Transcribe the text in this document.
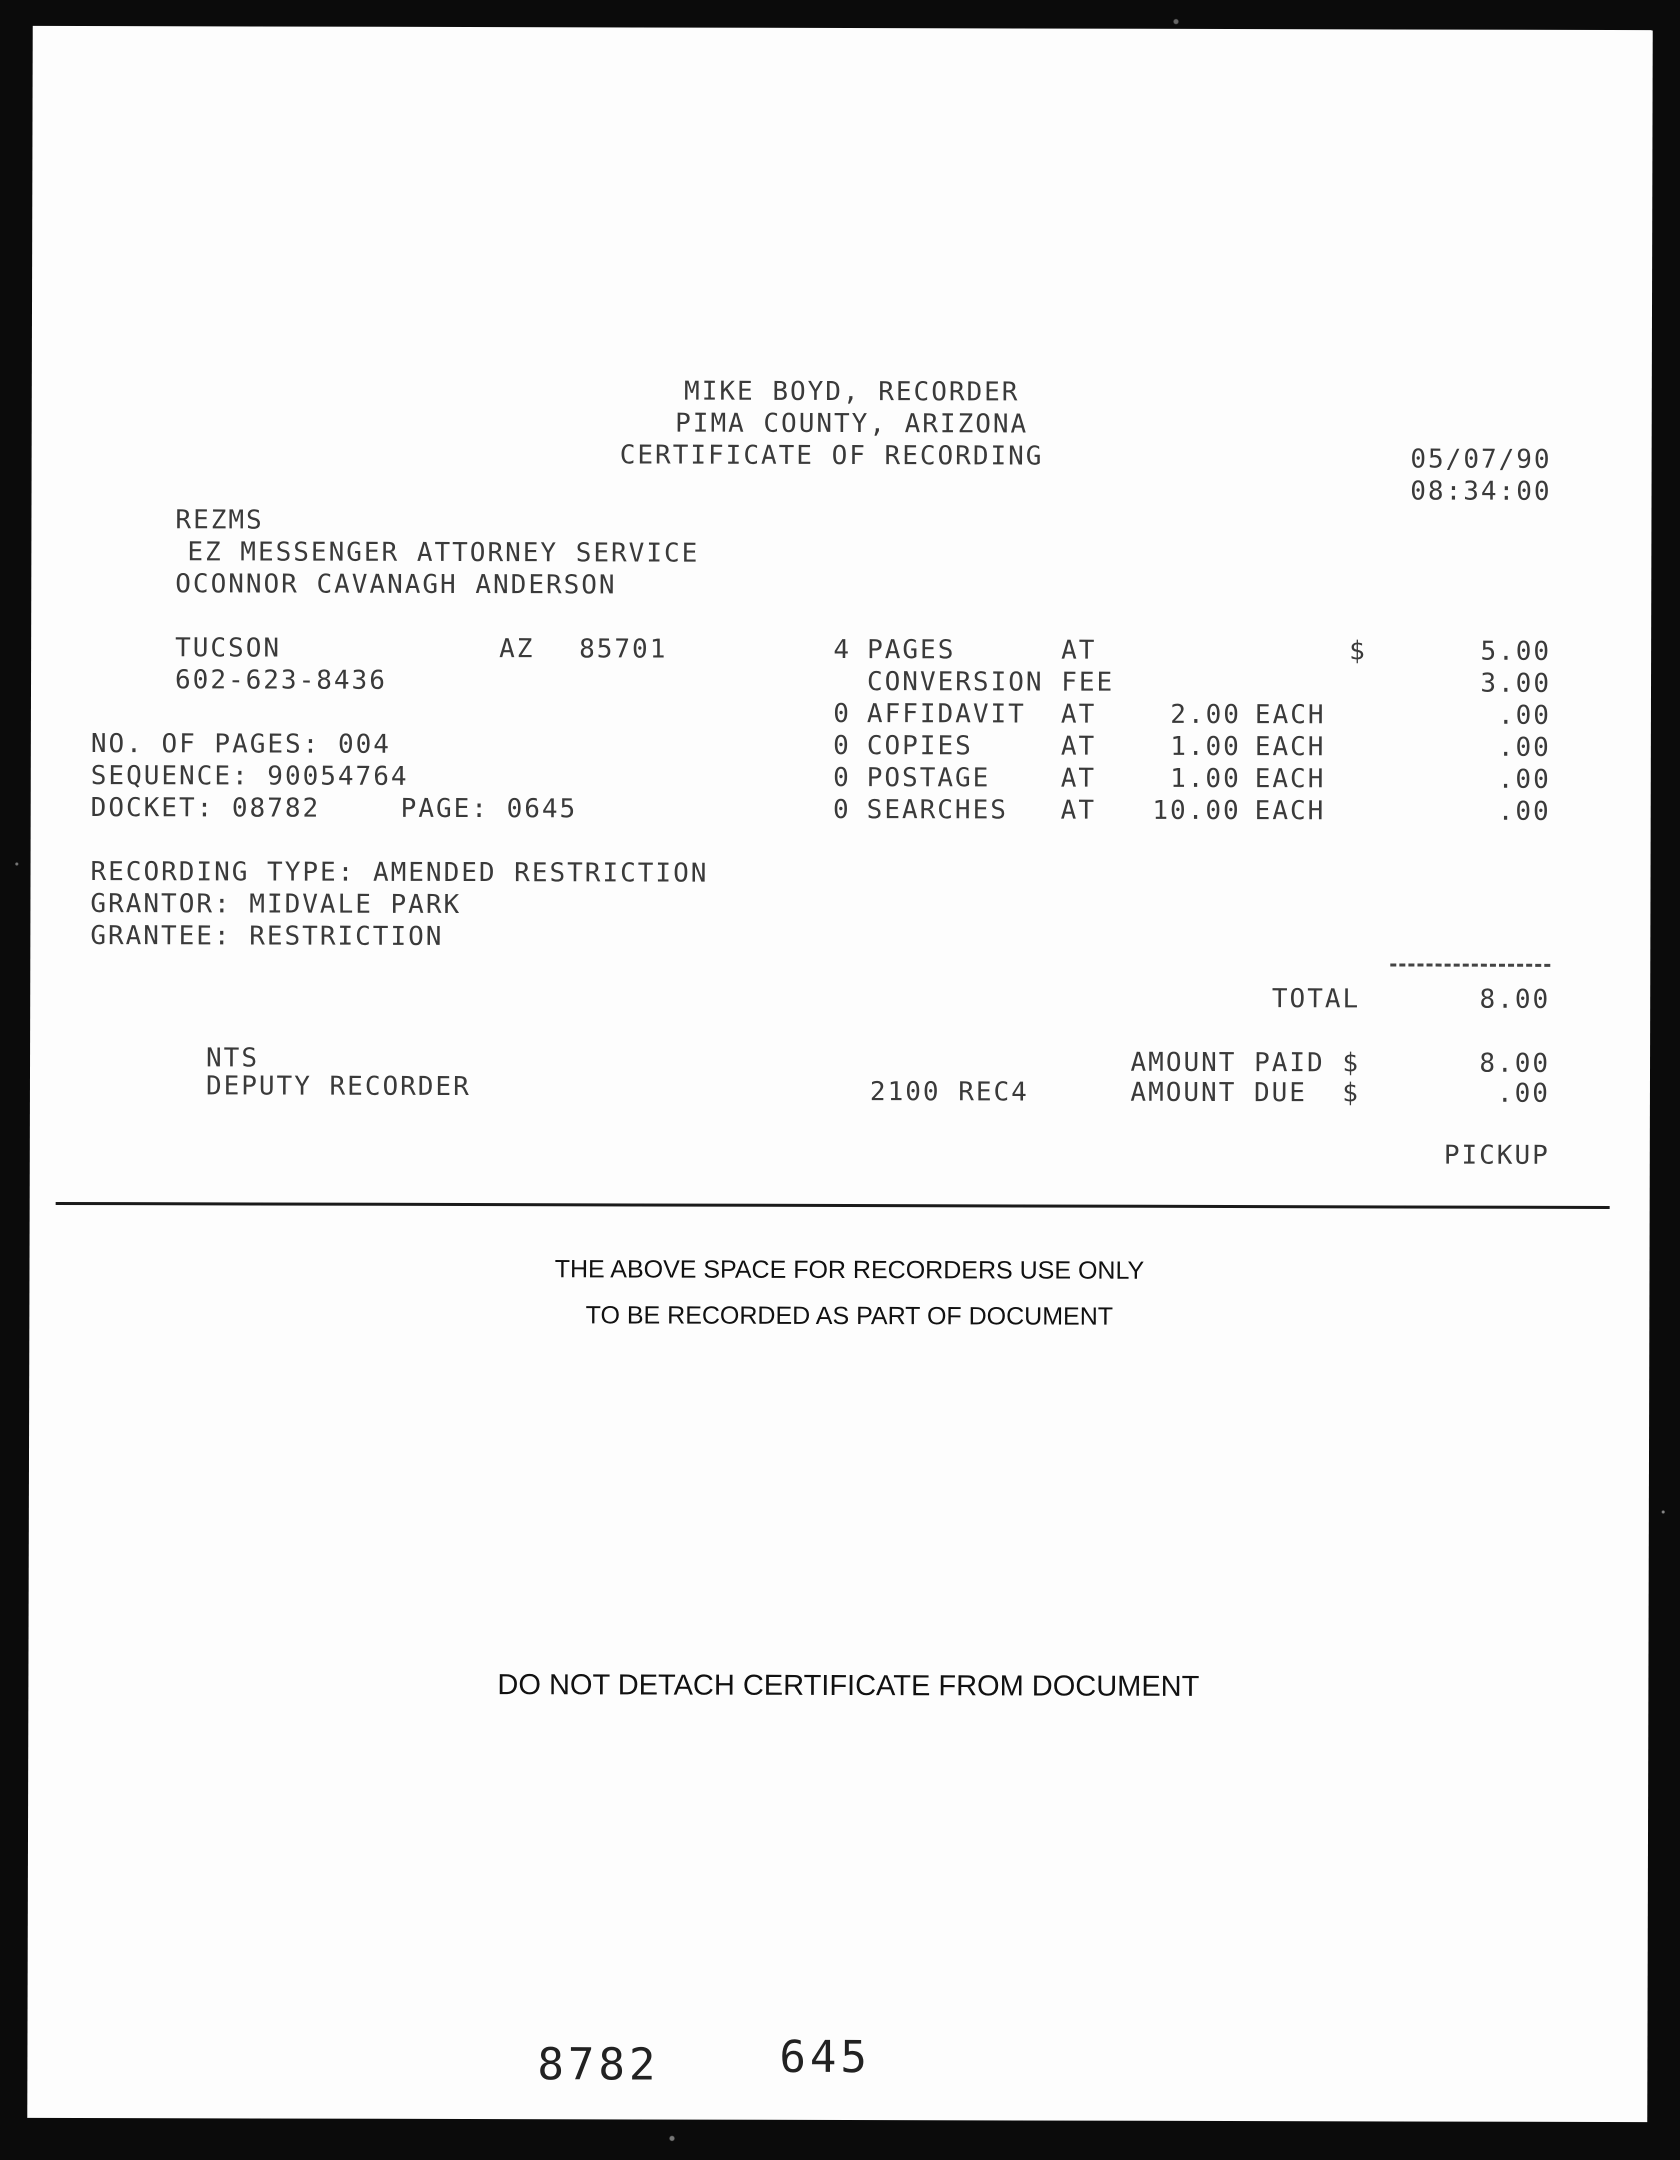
MIKE BOYD, RECORDER
PIMA COUNTY, ARIZONA
CERTIFICATE OF RECORDING	05/07/90
08:34:00
REZMS
EZ MESSENGER ATTORNEY SERVICE
OCONNOR CAVANAGH ANDERSON
TUCSON	AZ 85701
602-623-8436
NO. OF PAGES: 004
SEQUENCE: 90054764
DOCKET: 08782	PAGE: 0645
RECORDING TYPE: AMENDED RESTRICTION
GRANTOR: MIDVALE PARK
GRANTEE: RESTRICTION
4 PAGES	AT	$	5.00
CONVERSION FEE	3.00
0 AFFIDAVIT AT	2.00 EACH	.00
0 COPIES	AT	1.00 EACH	.00
0 POSTAGE	AT	1.00 EACH	.00
0 SEARCHES AT	10.00 EACH	.00
TOTAL	8.00
NTS
DEPUTY RECORDER
AMOUNT PAID $	8.00
2100 REC4	AMOUNT DUE  $	.00
PICKUP
THE ABOVE SPACE FOR RECORDERS USE ONLY
TO BE RECORDED AS PART OF DOCUMENT
DO NOT DETACH CERTIFICATE FROM DOCUMENT
8782	645
